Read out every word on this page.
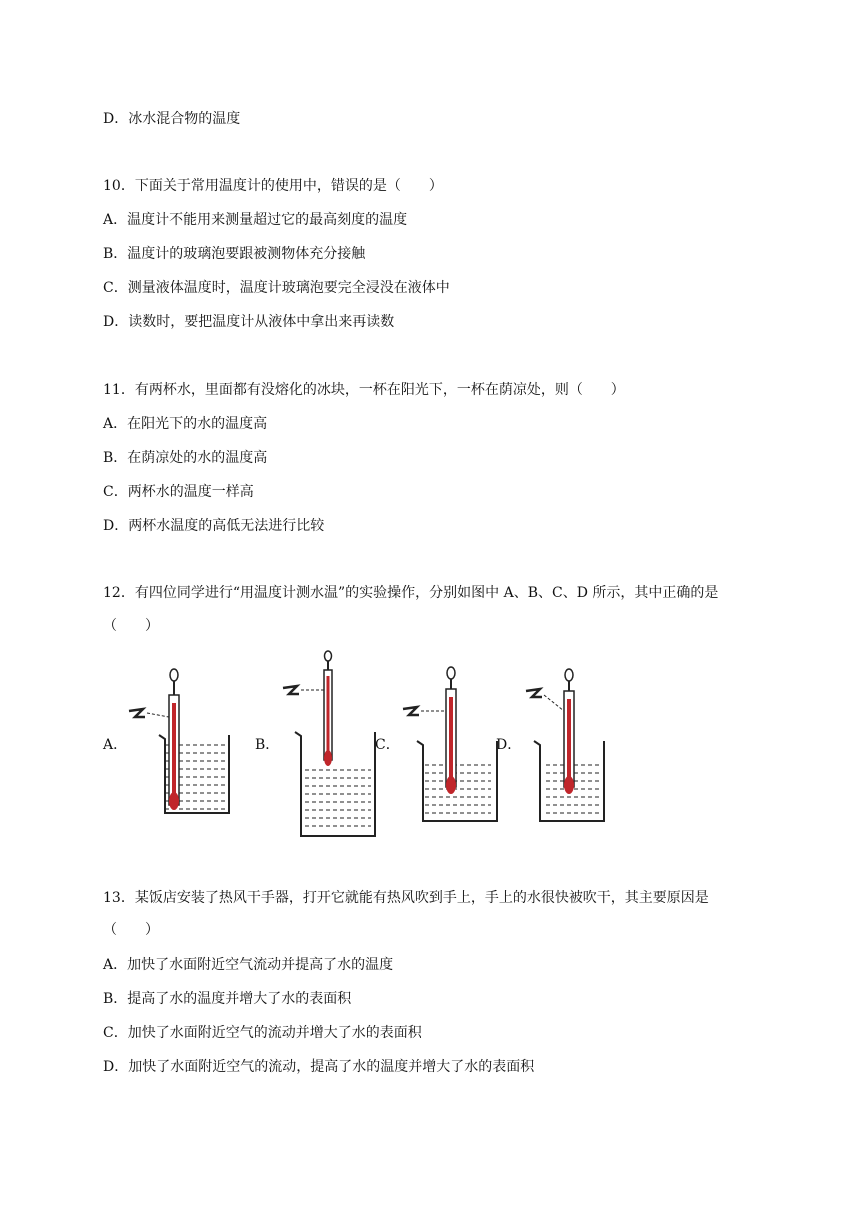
D．冰水混合物的温度
10．下面关于常用温度计的使用中，错误的是（　　）
A．温度计不能用来测量超过它的最高刻度的温度
B．温度计的玻璃泡要跟被测物体充分接触
C．测量液体温度时，温度计玻璃泡要完全浸没在液体中
D．读数时，要把温度计从液体中拿出来再读数
11．有两杯水，里面都有没熔化的冰块，一杯在阳光下，一杯在荫凉处，则（　　）
A．在阳光下的水的温度高
B．在荫凉处的水的温度高
C．两杯水的温度一样高
D．两杯水温度的高低无法进行比较
12．有四位同学进行“用温度计测水温”的实验操作，分别如图中 A、B、C、D 所示，其中正确的是
（　　）
A．	B．	C．	D．
13．某饭店安装了热风干手器，打开它就能有热风吹到手上，手上的水很快被吹干，其主要原因是
（　　）
A．加快了水面附近空气流动并提高了水的温度
B．提高了水的温度并增大了水的表面积
C．加快了水面附近空气的流动并增大了水的表面积
D．加快了水面附近空气的流动，提高了水的温度并增大了水的表面积
